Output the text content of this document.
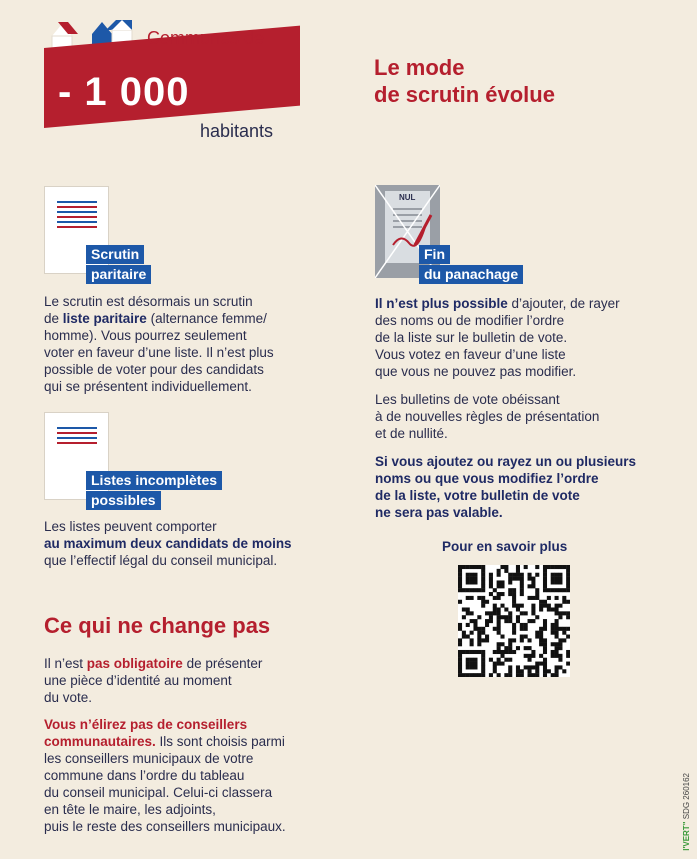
Communes de
- 1 000
habitants
Le mode
de scrutin évolue
Scrutin
paritaire
Le scrutin est désormais un scrutin
de liste paritaire (alternance femme/
homme). Vous pourrez seulement
voter en faveur d’une liste. Il n’est plus
possible de voter pour des candidats
qui se présentent individuellement.
Listes incomplètes
possibles
Les listes peuvent comporter
au maximum deux candidats de moins
que l’effectif légal du conseil municipal.
NUL
Fin
du panachage
Il n’est plus possible d’ajouter, de rayer
des noms ou de modifier l’ordre
de la liste sur le bulletin de vote.
Vous votez en faveur d’une liste
que vous ne pouvez pas modifier.
Les bulletins de vote obéissant
à de nouvelles règles de présentation
et de nullité.
Si vous ajoutez ou rayez un ou plusieurs
noms ou que vous modifiez l’ordre
de la liste, votre bulletin de vote
ne sera pas valable.
Pour en savoir plus
Ce qui ne change pas
Il n’est pas obligatoire de présenter
une pièce d’identité au moment
du vote.
Vous n’élirez pas de conseillers
communautaires. Ils sont choisis parmi
les conseillers municipaux de votre
commune dans l’ordre du tableau
du conseil municipal. Celui-ci classera
en tête le maire, les adjoints,
puis le reste des conseillers municipaux.	l'VERT" SDG 260162
